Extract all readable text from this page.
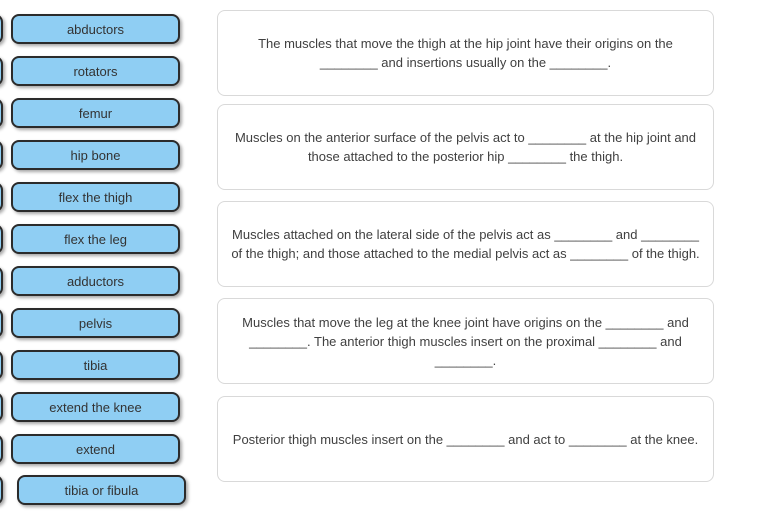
abductors
rotators
femur
hip bone
flex the thigh
flex the leg
adductors
pelvis
tibia
extend the knee
extend
tibia or fibula
The muscles that move the thigh at the hip joint have their origins on the ________ and insertions usually on the ________.
Muscles on the anterior surface of the pelvis act to ________ at the hip joint and those attached to the posterior hip ________ the thigh.
Muscles attached on the lateral side of the pelvis act as ________ and ________ of the thigh; and those attached to the medial pelvis act as ________ of the thigh.
Muscles that move the leg at the knee joint have origins on the ________ and ________. The anterior thigh muscles insert on the proximal ________ and ________.
Posterior thigh muscles insert on the ________ and act to ________ at the knee.
